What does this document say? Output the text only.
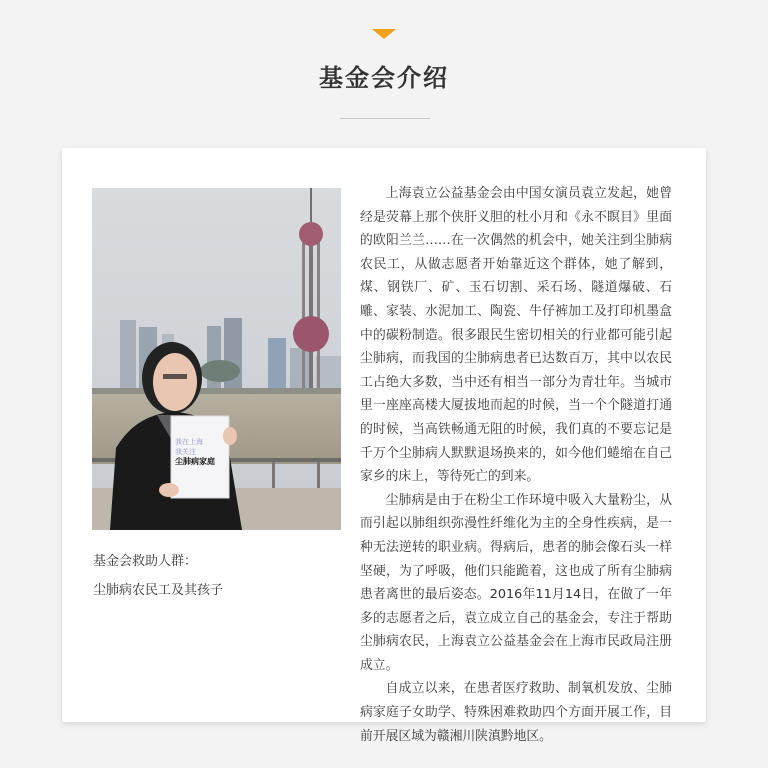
基金会介绍
我在上海
我关注
尘肺病家庭
基金会救助人群：
尘肺病农民工及其孩子

上海袁立公益基金会由中国女演员袁立发起，她曾经是荧幕上那个侠肝义胆的杜小月和《永不瞑目》里面的欧阳兰兰……在一次偶然的机会中，她关注到尘肺病农民工，从做志愿者开始靠近这个群体，她了解到，煤、钢铁厂、矿、玉石切割、采石场、隧道爆破、石雕、家装、水泥加工、陶瓷、牛仔裤加工及打印机墨盒中的碳粉制造。很多跟民生密切相关的行业都可能引起尘肺病，而我国的尘肺病患者已达数百万，其中以农民工占绝大多数，当中还有相当一部分为青壮年。当城市里一座座高楼大厦拔地而起的时候，当一个个隧道打通的时候，当高铁畅通无阻的时候，我们真的不要忘记是千万个尘肺病人默默退场换来的，如今他们蜷缩在自己家乡的床上，等待死亡的到来。

尘肺病是由于在粉尘工作环境中吸入大量粉尘，从而引起以肺组织弥漫性纤维化为主的全身性疾病，是一种无法逆转的职业病。得病后，患者的肺会像石头一样坚硬，为了呼吸，他们只能跪着，这也成了所有尘肺病患者离世的最后姿态。2016年11月14日，在做了一年多的志愿者之后，袁立成立自己的基金会，专注于帮助尘肺病农民，上海袁立公益基金会在上海市民政局注册成立。

自成立以来，在患者医疗救助、制氧机发放、尘肺病家庭子女助学、特殊困难救助四个方面开展工作，目前开展区域为赣湘川陕滇黔地区。
